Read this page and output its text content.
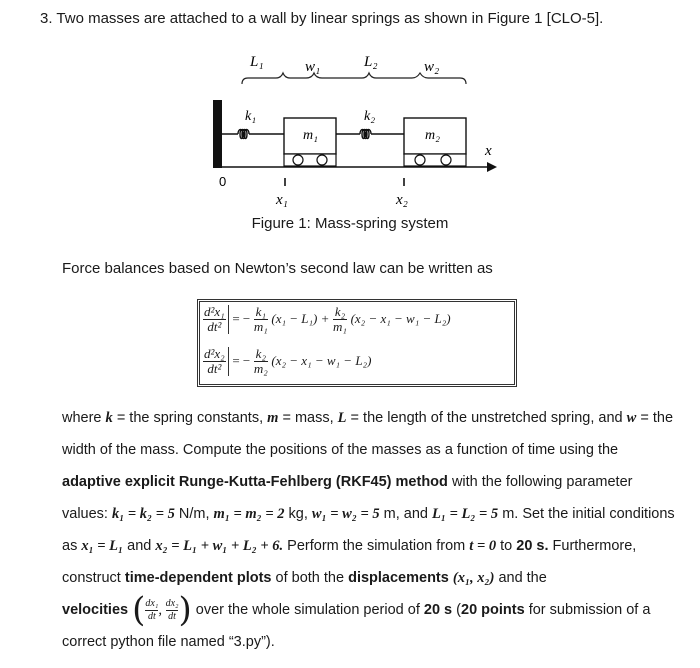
3. Two masses are attached to a wall by linear springs as shown in Figure 1 [CLO-5].
L₁	w₁	L₂	w₂
x
k₁
m₁
k₂
m₂
0
x₁	x₂
Figure 1: Mass-spring system
Force balances based on Newton’s second law can be written as
$\frac{\text{d²x₁}}{\text{dt²}}$ = − $\frac{\text{k₁}}{\text{m₁}} (x_1 - L_1) + \frac{\text{k₂}}{\text{m₁}} (x_2 - x_1 - w_1 - L_2)$
$\frac{\text{d²x₂}}{\text{dt²}}$ = − $\frac{\text{k₂}}{\text{m₂}} (x_2 - x_1 - w_1 - L_2)$

where k = the spring constants, m = mass, L = the length of the unstretched spring, and w = the width of the mass. Compute the positions of the masses as a function of time using the adaptive explicit Runge-Kutta-Fehlberg (RKF45) method with the following parameter values: k₁ = k₂ = 5 N/m, m₁ = m₂ = 2 kg, w₁ = w₂ = 5 m, and L₁ = L₂ = 5 m. Set the initial conditions as x₁ = L₁ and x₂ = L₁ + w₁ + L₂ + 6. Perform the simulation from t = 0 to 20 s. Furthermore, construct time-dependent plots of both the displacements (x₁, x₂) and the
velocities ( $\frac{\text{dx₁}}{dt}$ , $\frac{\text{dx₂}}{dt}$ ) over the whole simulation period of 20 s (20 points for submission of a correct python file named “3.py”).
